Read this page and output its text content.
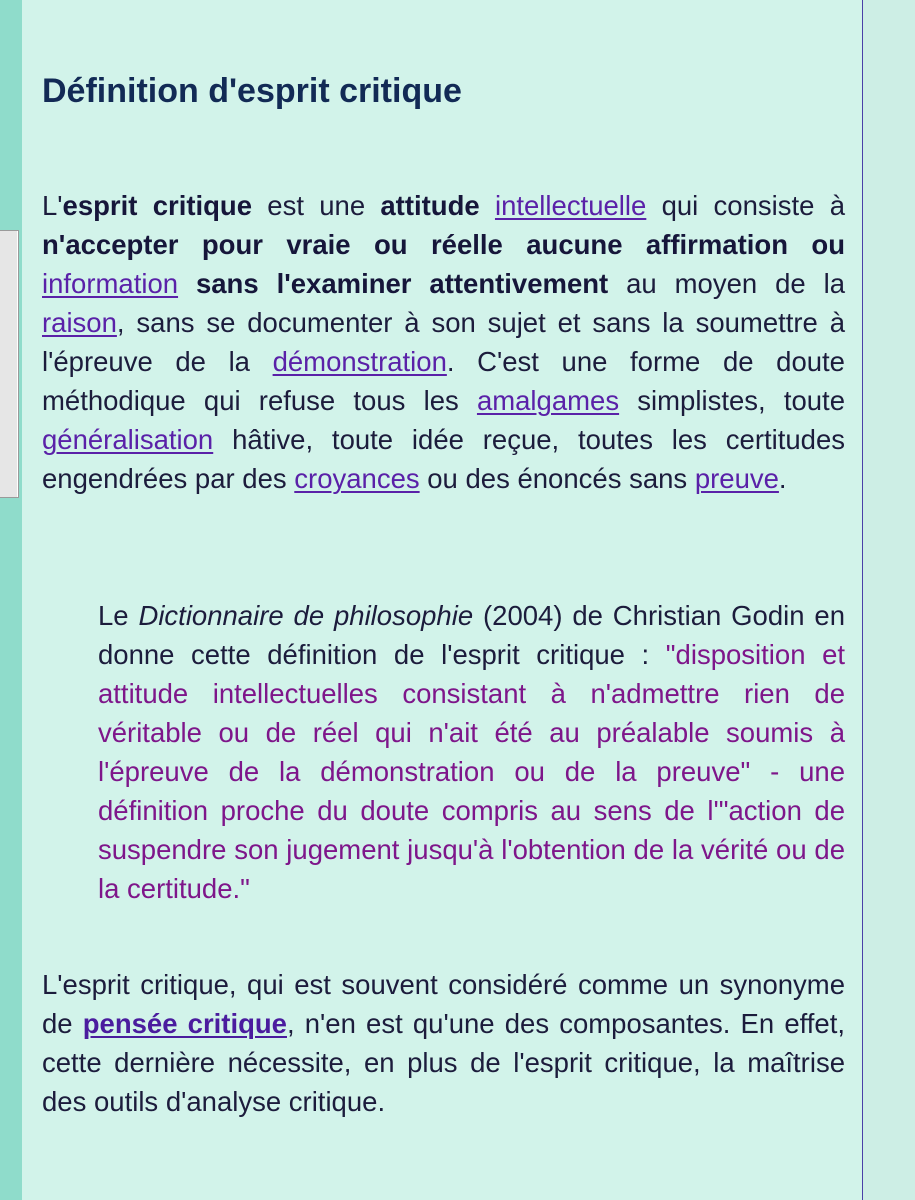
Définition d'esprit critique

L'esprit critique est une attitude intellectuelle qui consiste à n'accepter pour vraie ou réelle aucune affirmation ou information sans l'examiner attentivement au moyen de la raison, sans se documenter à son sujet et sans la soumettre à l'épreuve de la démonstration. C'est une forme de doute méthodique qui refuse tous les amalgames simplistes, toute généralisation hâtive, toute idée reçue, toutes les certitudes engendrées par des croyances ou des énoncés sans preuve.

Le Dictionnaire de philosophie (2004) de Christian Godin en donne cette définition de l'esprit critique : "disposition et attitude intellectuelles consistant à n'admettre rien de véritable ou de réel qui n'ait été au préalable soumis à l'épreuve de la démonstration ou de la preuve" - une définition proche du doute compris au sens de l'"action de suspendre son jugement jusqu'à l'obtention de la vérité ou de la certitude."

L'esprit critique, qui est souvent considéré comme un synonyme de pensée critique, n'en est qu'une des composantes. En effet, cette dernière nécessite, en plus de l'esprit critique, la maîtrise des outils d'analyse critique.
